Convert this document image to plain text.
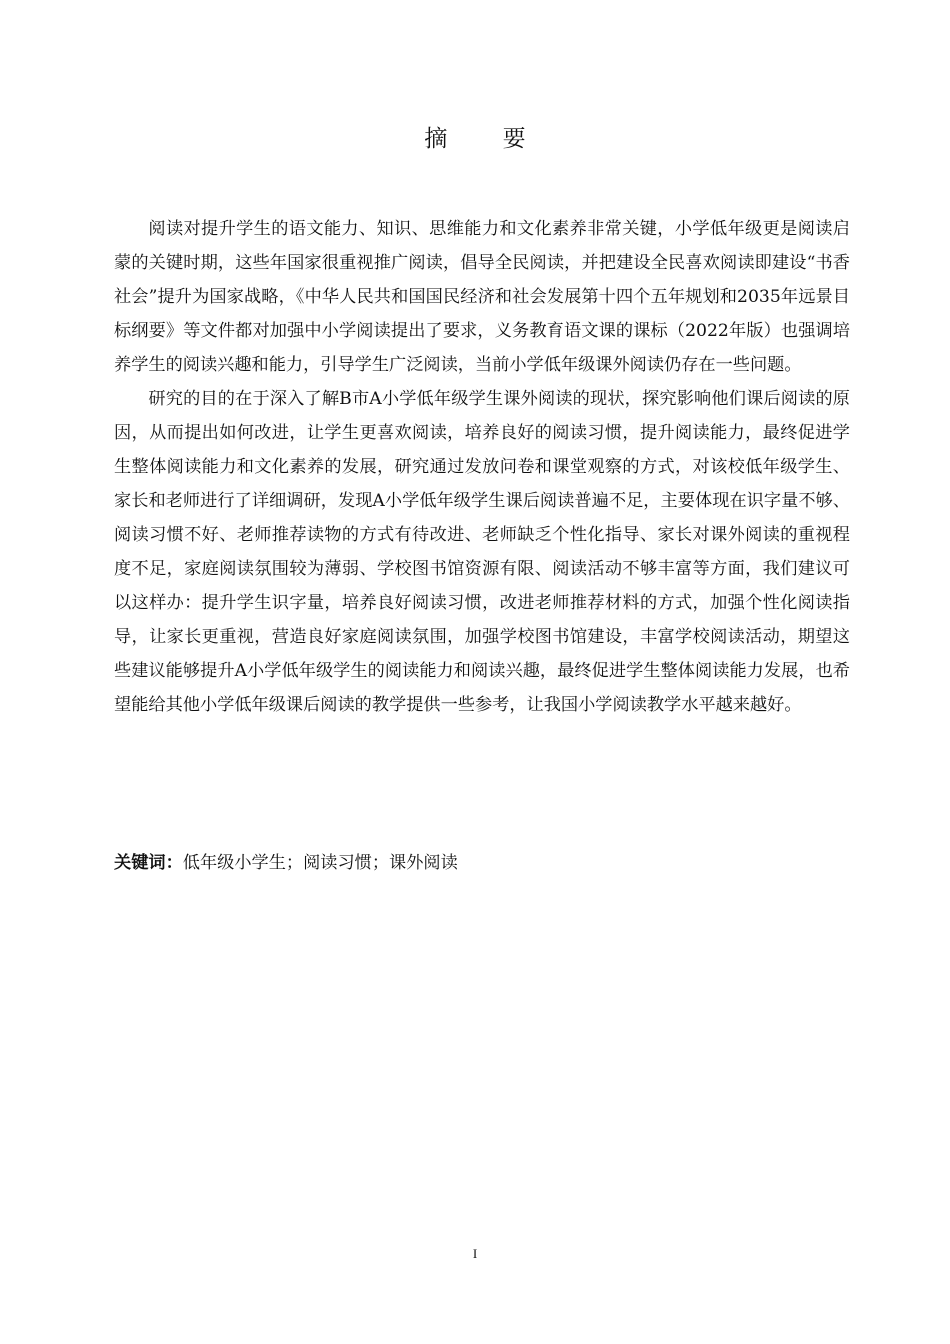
摘 要

阅读对提升学生的语文能力、知识、思维能力和文化素养非常关键，小学低年级更是阅读启蒙的关键时期，这些年国家很重视推广阅读，倡导全民阅读，并把建设全民喜欢阅读即建设“书香社会”提升为国家战略，《中华人民共和国国民经济和社会发展第十四个五年规划和2035年远景目标纲要》等文件都对加强中小学阅读提出了要求，义务教育语文课的课标（2022年版）也强调培养学生的阅读兴趣和能力，引导学生广泛阅读，当前小学低年级课外阅读仍存在一些问题。

研究的目的在于深入了解B市A小学低年级学生课外阅读的现状，探究影响他们课后阅读的原因，从而提出如何改进，让学生更喜欢阅读，培养良好的阅读习惯，提升阅读能力，最终促进学生整体阅读能力和文化素养的发展，研究通过发放问卷和课堂观察的方式，对该校低年级学生、家长和老师进行了详细调研，发现A小学低年级学生课后阅读普遍不足，主要体现在识字量不够、阅读习惯不好、老师推荐读物的方式有待改进、老师缺乏个性化指导、家长对课外阅读的重视程度不足，家庭阅读氛围较为薄弱、学校图书馆资源有限、阅读活动不够丰富等方面，我们建议可以这样办：提升学生识字量，培养良好阅读习惯，改进老师推荐材料的方式，加强个性化阅读指导，让家长更重视，营造良好家庭阅读氛围，加强学校图书馆建设，丰富学校阅读活动，期望这些建议能够提升A小学低年级学生的阅读能力和阅读兴趣，最终促进学生整体阅读能力发展，也希望能给其他小学低年级课后阅读的教学提供一些参考，让我国小学阅读教学水平越来越好。

关键词：低年级小学生；阅读习惯；课外阅读

I
